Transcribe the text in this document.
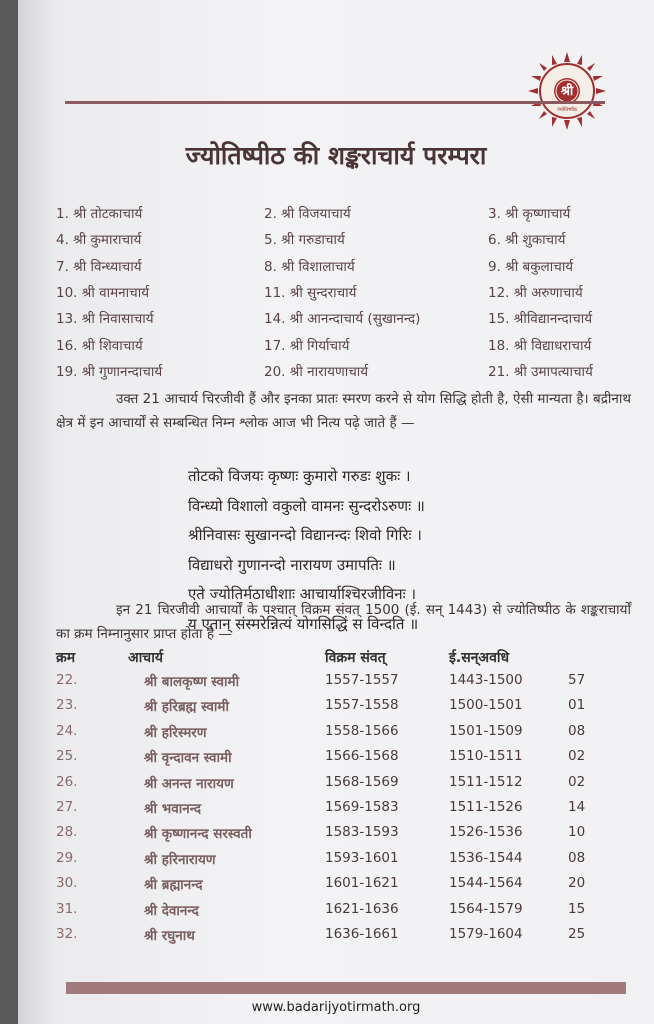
श्री
ज्योतिष्पीठ
ज्योतिष्पीठ की शङ्कराचार्य परम्परा
1. श्री तोटकाचार्य	2. श्री विजयाचार्य	3. श्री कृष्णाचार्य
4. श्री कुमाराचार्य	5. श्री गरुडाचार्य	6. श्री शुकाचार्य
7. श्री विन्ध्याचार्य	8. श्री विशालाचार्य	9. श्री बकुलाचार्य
10. श्री वामनाचार्य	11. श्री सुन्दराचार्य	12. श्री अरुणाचार्य
13. श्री निवासाचार्य	14. श्री आनन्दाचार्य (सुखानन्द)	15. श्रीविद्यानन्दाचार्य
16. श्री शिवाचार्य	17. श्री गिर्याचार्य	18. श्री विद्याधराचार्य
19. श्री गुणानन्दाचार्य	20. श्री नारायणाचार्य	21. श्री उमापत्याचार्य
उक्त 21 आचार्य चिरजीवी हैं और इनका प्रातः स्मरण करने से योग सिद्धि होती है, ऐसी मान्यता है। बद्रीनाथ क्षेत्र में इन आचार्यों से सम्बन्धित निम्न श्लोक आज भी नित्य पढ़े जाते हैं —
तोटको विजयः कृष्णः कुमारो गरुडः शुकः ।
विन्ध्यो विशालो वकुलो वामनः सुन्दरोऽरुणः ॥
श्रीनिवासः सुखानन्दो विद्यानन्दः शिवो गिरिः ।
विद्याधरो गुणानन्दो नारायण उमापतिः ॥
एते ज्योतिर्मठाधीशाः आचार्याश्चिरजीविनः ।
य एतान् संस्मरेन्नित्यं योगसिद्धिं स विन्दति ॥
इन 21 चिरजीवी आचार्यों के पश्चात् विक्रम संवत् 1500 (ई. सन् 1443) से ज्योतिष्पीठ के शङ्कराचार्यों का क्रम निम्नानुसार प्राप्त होता है —
क्रम	आचार्य	विक्रम संवत्	ई.सन्अवधि
22.	श्री बालकृष्ण स्वामी	1557-1557	1443-1500	57
23.	श्री हरिब्रह्म स्वामी	1557-1558	1500-1501	01
24.	श्री हरिस्मरण	1558-1566	1501-1509	08
25.	श्री वृन्दावन स्वामी	1566-1568	1510-1511	02
26.	श्री अनन्त नारायण	1568-1569	1511-1512	02
27.	श्री भवानन्द	1569-1583	1511-1526	14
28.	श्री कृष्णानन्द सरस्वती	1583-1593	1526-1536	10
29.	श्री हरिनारायण	1593-1601	1536-1544	08
30.	श्री ब्रह्मानन्द	1601-1621	1544-1564	20
31.	श्री देवानन्द	1621-1636	1564-1579	15
32.	श्री रघुनाथ	1636-1661	1579-1604	25
www.badarijyotirmath.org
